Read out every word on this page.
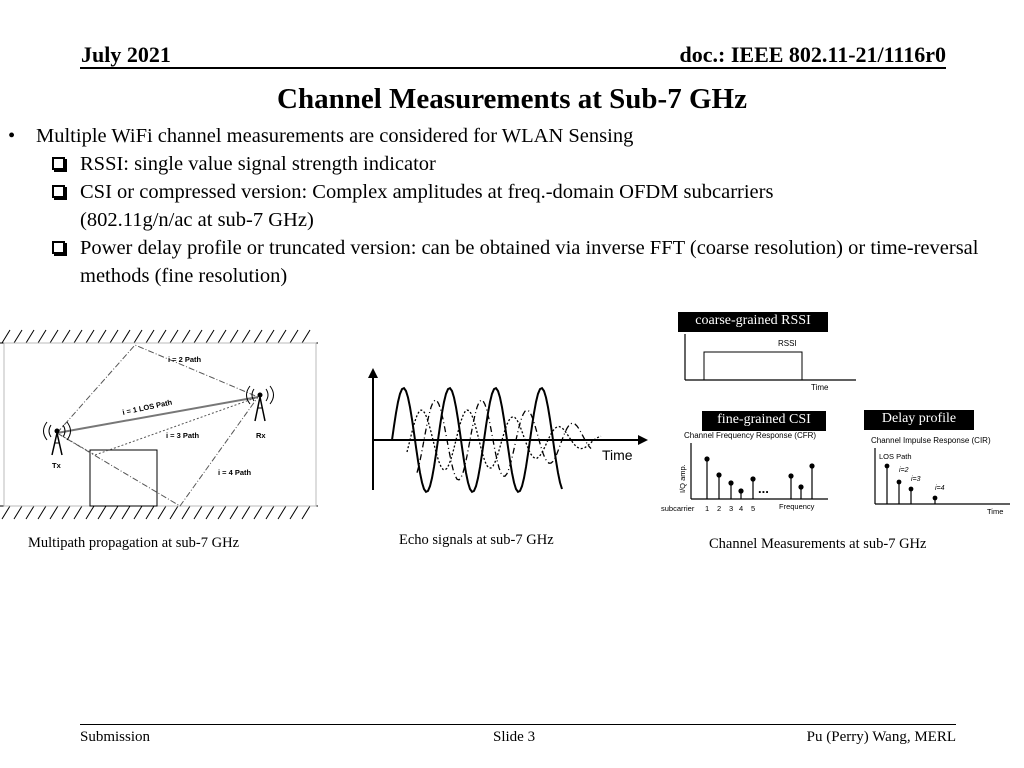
July 2021	doc.: IEEE 802.11-21/1116r0
Channel Measurements at Sub-7 GHz
•	Multiple WiFi channel measurements are considered for WLAN Sensing
RSSI: single value signal strength indicator
CSI or compressed version: Complex amplitudes at freq.-domain OFDM subcarriers (802.11g/n/ac at sub-7 GHz)
Power delay profile or truncated version: can be obtained via inverse FFT (coarse resolution) or time-reversal methods (fine resolution)
i = 2 Path
i = 1 LOS Path
i = 3 Path
i = 4 Path
Tx
Rx
Multipath propagation at sub-7 GHz
Time
Echo signals at sub-7 GHz
coarse-grained RSSI
RSSI
Time
fine-grained CSI
Channel Frequency Response (CFR)
I/Q amp.	...
subcarrier 1 2 3 4 5	Frequency
Delay profile
Channel Impulse Response (CIR)
LOS Path
i=2
i=3
i=4
Time
Channel Measurements at sub-7 GHz
Submission	Slide 3	Pu (Perry) Wang, MERL
